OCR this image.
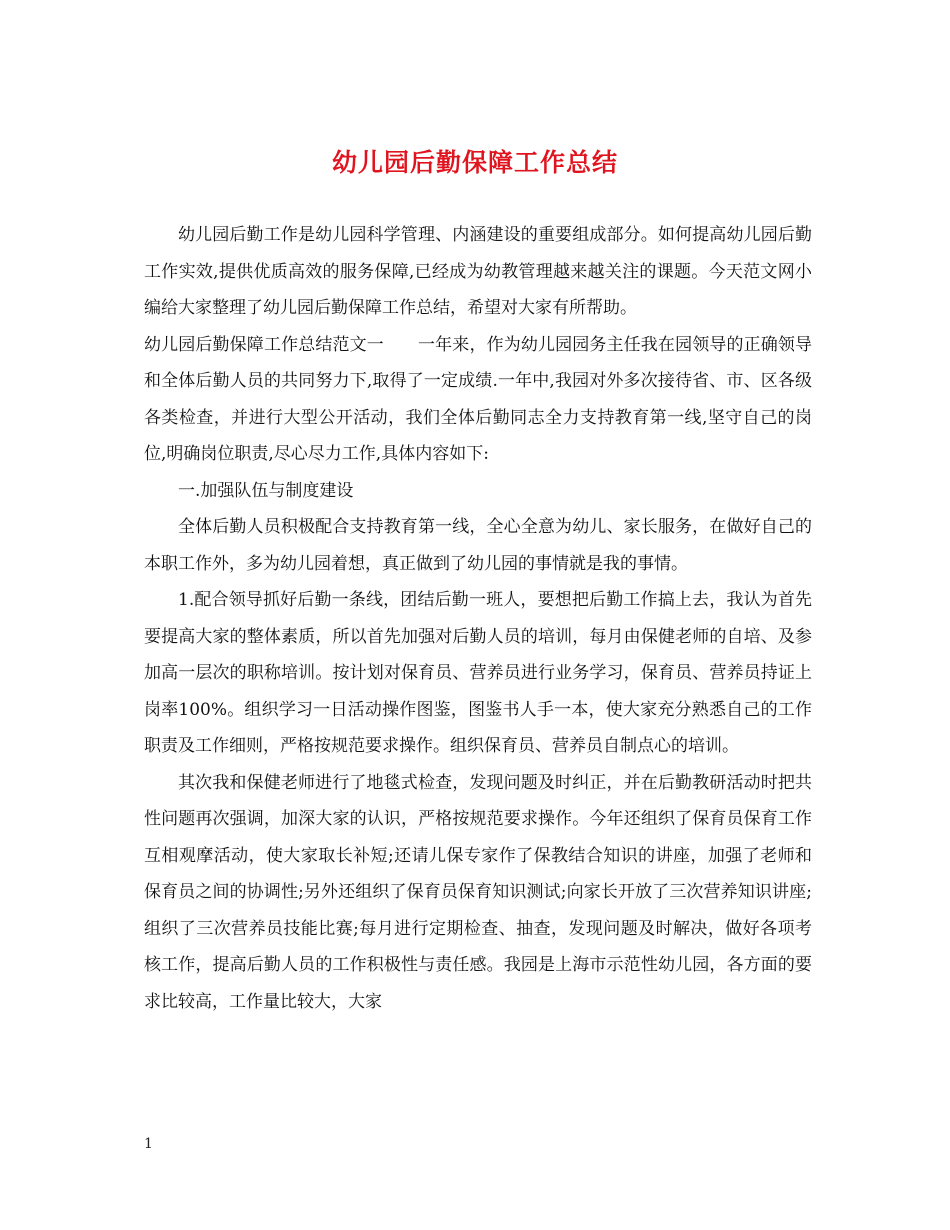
幼儿园后勤保障工作总结

幼儿园后勤工作是幼儿园科学管理、内涵建设的重要组成部分。如何提高幼儿园后勤工作实效,提供优质高效的服务保障,已经成为幼教管理越来越关注的课题。今天范文网小编给大家整理了幼儿园后勤保障工作总结，希望对大家有所帮助。

幼儿园后勤保障工作总结范文一 一年来，作为幼儿园园务主任我在园领导的正确领导和全体后勤人员的共同努力下,取得了一定成绩.一年中,我园对外多次接待省、市、区各级各类检查，并进行大型公开活动，我们全体后勤同志全力支持教育第一线,坚守自己的岗位,明确岗位职责,尽心尽力工作,具体内容如下:

一.加强队伍与制度建设

全体后勤人员积极配合支持教育第一线，全心全意为幼儿、家长服务，在做好自己的本职工作外，多为幼儿园着想，真正做到了幼儿园的事情就是我的事情。

1.配合领导抓好后勤一条线，团结后勤一班人，要想把后勤工作搞上去，我认为首先要提高大家的整体素质，所以首先加强对后勤人员的培训，每月由保健老师的自培、及参加高一层次的职称培训。按计划对保育员、营养员进行业务学习，保育员、营养员持证上岗率100%。组织学习一日活动操作图鉴，图鉴书人手一本，使大家充分熟悉自己的工作职责及工作细则，严格按规范要求操作。组织保育员、营养员自制点心的培训。

其次我和保健老师进行了地毯式检查，发现问题及时纠正，并在后勤教研活动时把共性问题再次强调，加深大家的认识，严格按规范要求操作。今年还组织了保育员保育工作互相观摩活动，使大家取长补短;还请儿保专家作了保教结合知识的讲座，加强了老师和保育员之间的协调性;另外还组织了保育员保育知识测试;向家长开放了三次营养知识讲座;组织了三次营养员技能比赛;每月进行定期检查、抽查，发现问题及时解决，做好各项考核工作，提高后勤人员的工作积极性与责任感。我园是上海市示范性幼儿园，各方面的要求比较高，工作量比较大，大家

1
